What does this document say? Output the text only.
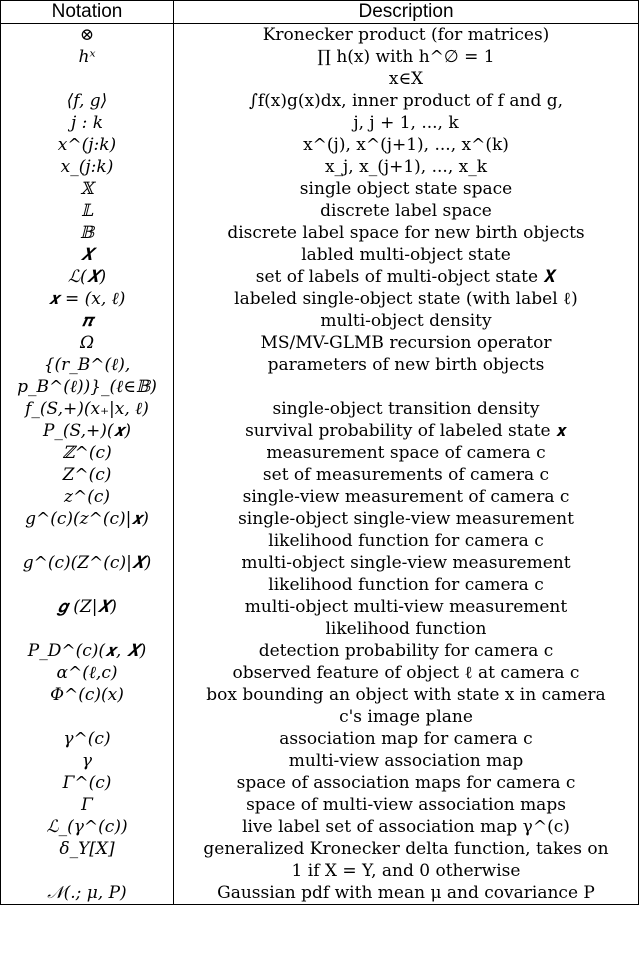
Notation	Description
⊗	Kronecker product (for matrices)

hˣ	∏ h(x) with h^∅ = 1
x∈X

⟨f, g⟩	∫f(x)g(x)dx, inner product of f and g,

j : k	j, j + 1, ..., k

x^(j:k)	x^(j), x^(j+1), ..., x^(k)

x_(j:k)	x_j, x_(j+1), ..., x_k

𝕏	single object state space

𝕃	discrete label space

𝔹	discrete label space for new birth objects

𝑿	labled multi-object state

ℒ(𝑿)	set of labels of multi-object state 𝑿

𝒙 = (x, ℓ)	labeled single-object state (with label ℓ)

𝝅	multi-object density

Ω	MS/MV-GLMB recursion operator

{(r_B^(ℓ), p_B^(ℓ))}_(ℓ∈𝔹)	parameters of new birth objects

f_(S,+)(x₊|x, ℓ)	single-object transition density

P_(S,+)(𝒙)	survival probability of labeled state 𝒙

ℤ^(c)	measurement space of camera c

Z^(c)	set of measurements of camera c

z^(c)	single-view measurement of camera c

g^(c)(z^(c)|𝒙)	single-object single-view measurement
likelihood function for camera c

g^(c)(Z^(c)|𝑿)	multi-object single-view measurement
likelihood function for camera c

𝒈 (Z|𝑿)	multi-object multi-view measurement
likelihood function

P_D^(c)(𝒙, 𝑿)	detection probability for camera c

α^(ℓ,c)	observed feature of object ℓ at camera c

Φ^(c)(x)	box bounding an object with state x in camera
c's image plane

γ^(c)	association map for camera c

γ	multi-view association map

Γ^(c)	space of association maps for camera c

Γ	space of multi-view association maps

ℒ_(γ^(c))	live label set of association map γ^(c)

δ_Y[X]	generalized Kronecker delta function, takes on
1 if X = Y, and 0 otherwise

𝒩(.; μ, P)	Gaussian pdf with mean μ and covariance P
